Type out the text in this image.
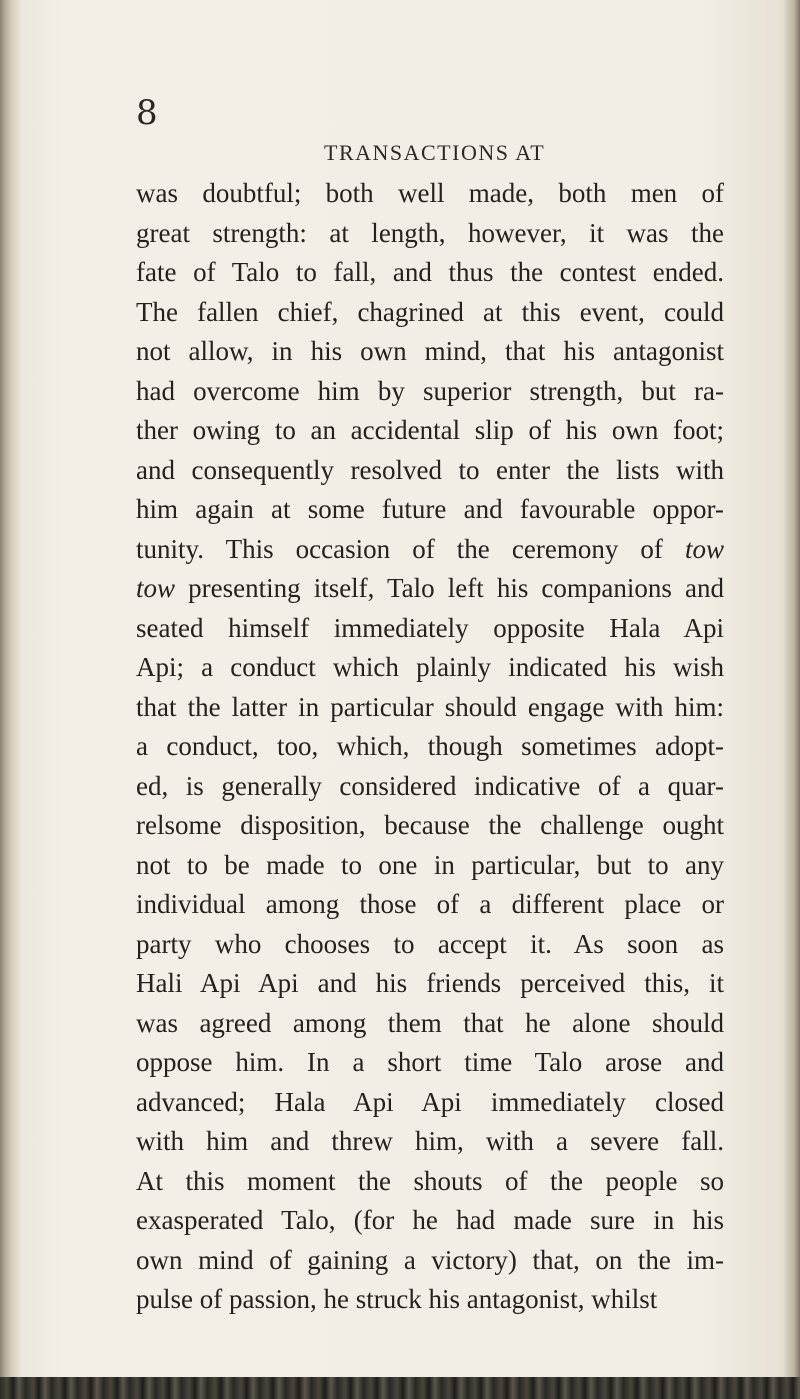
8
TRANSACTIONS AT
was doubtful; both well made, both men of
great strength: at length, however, it was the
fate of Talo to fall, and thus the contest ended.
The fallen chief, chagrined at this event, could
not allow, in his own mind, that his antagonist
had overcome him by superior strength, but ra-
ther owing to an accidental slip of his own foot;
and consequently resolved to enter the lists with
him again at some future and favourable oppor-
tunity. This occasion of the ceremony of tow
tow presenting itself, Talo left his companions and
seated himself immediately opposite Hala Api
Api; a conduct which plainly indicated his wish
that the latter in particular should engage with him:
a conduct, too, which, though sometimes adopt-
ed, is generally considered indicative of a quar-
relsome disposition, because the challenge ought
not to be made to one in particular, but to any
individual among those of a different place or
party who chooses to accept it. As soon as
Hali Api Api and his friends perceived this, it
was agreed among them that he alone should
oppose him. In a short time Talo arose and
advanced; Hala Api Api immediately closed
with him and threw him, with a severe fall.
At this moment the shouts of the people so
exasperated Talo, (for he had made sure in his
own mind of gaining a victory) that, on the im-
pulse of passion, he struck his antagonist, whilst
